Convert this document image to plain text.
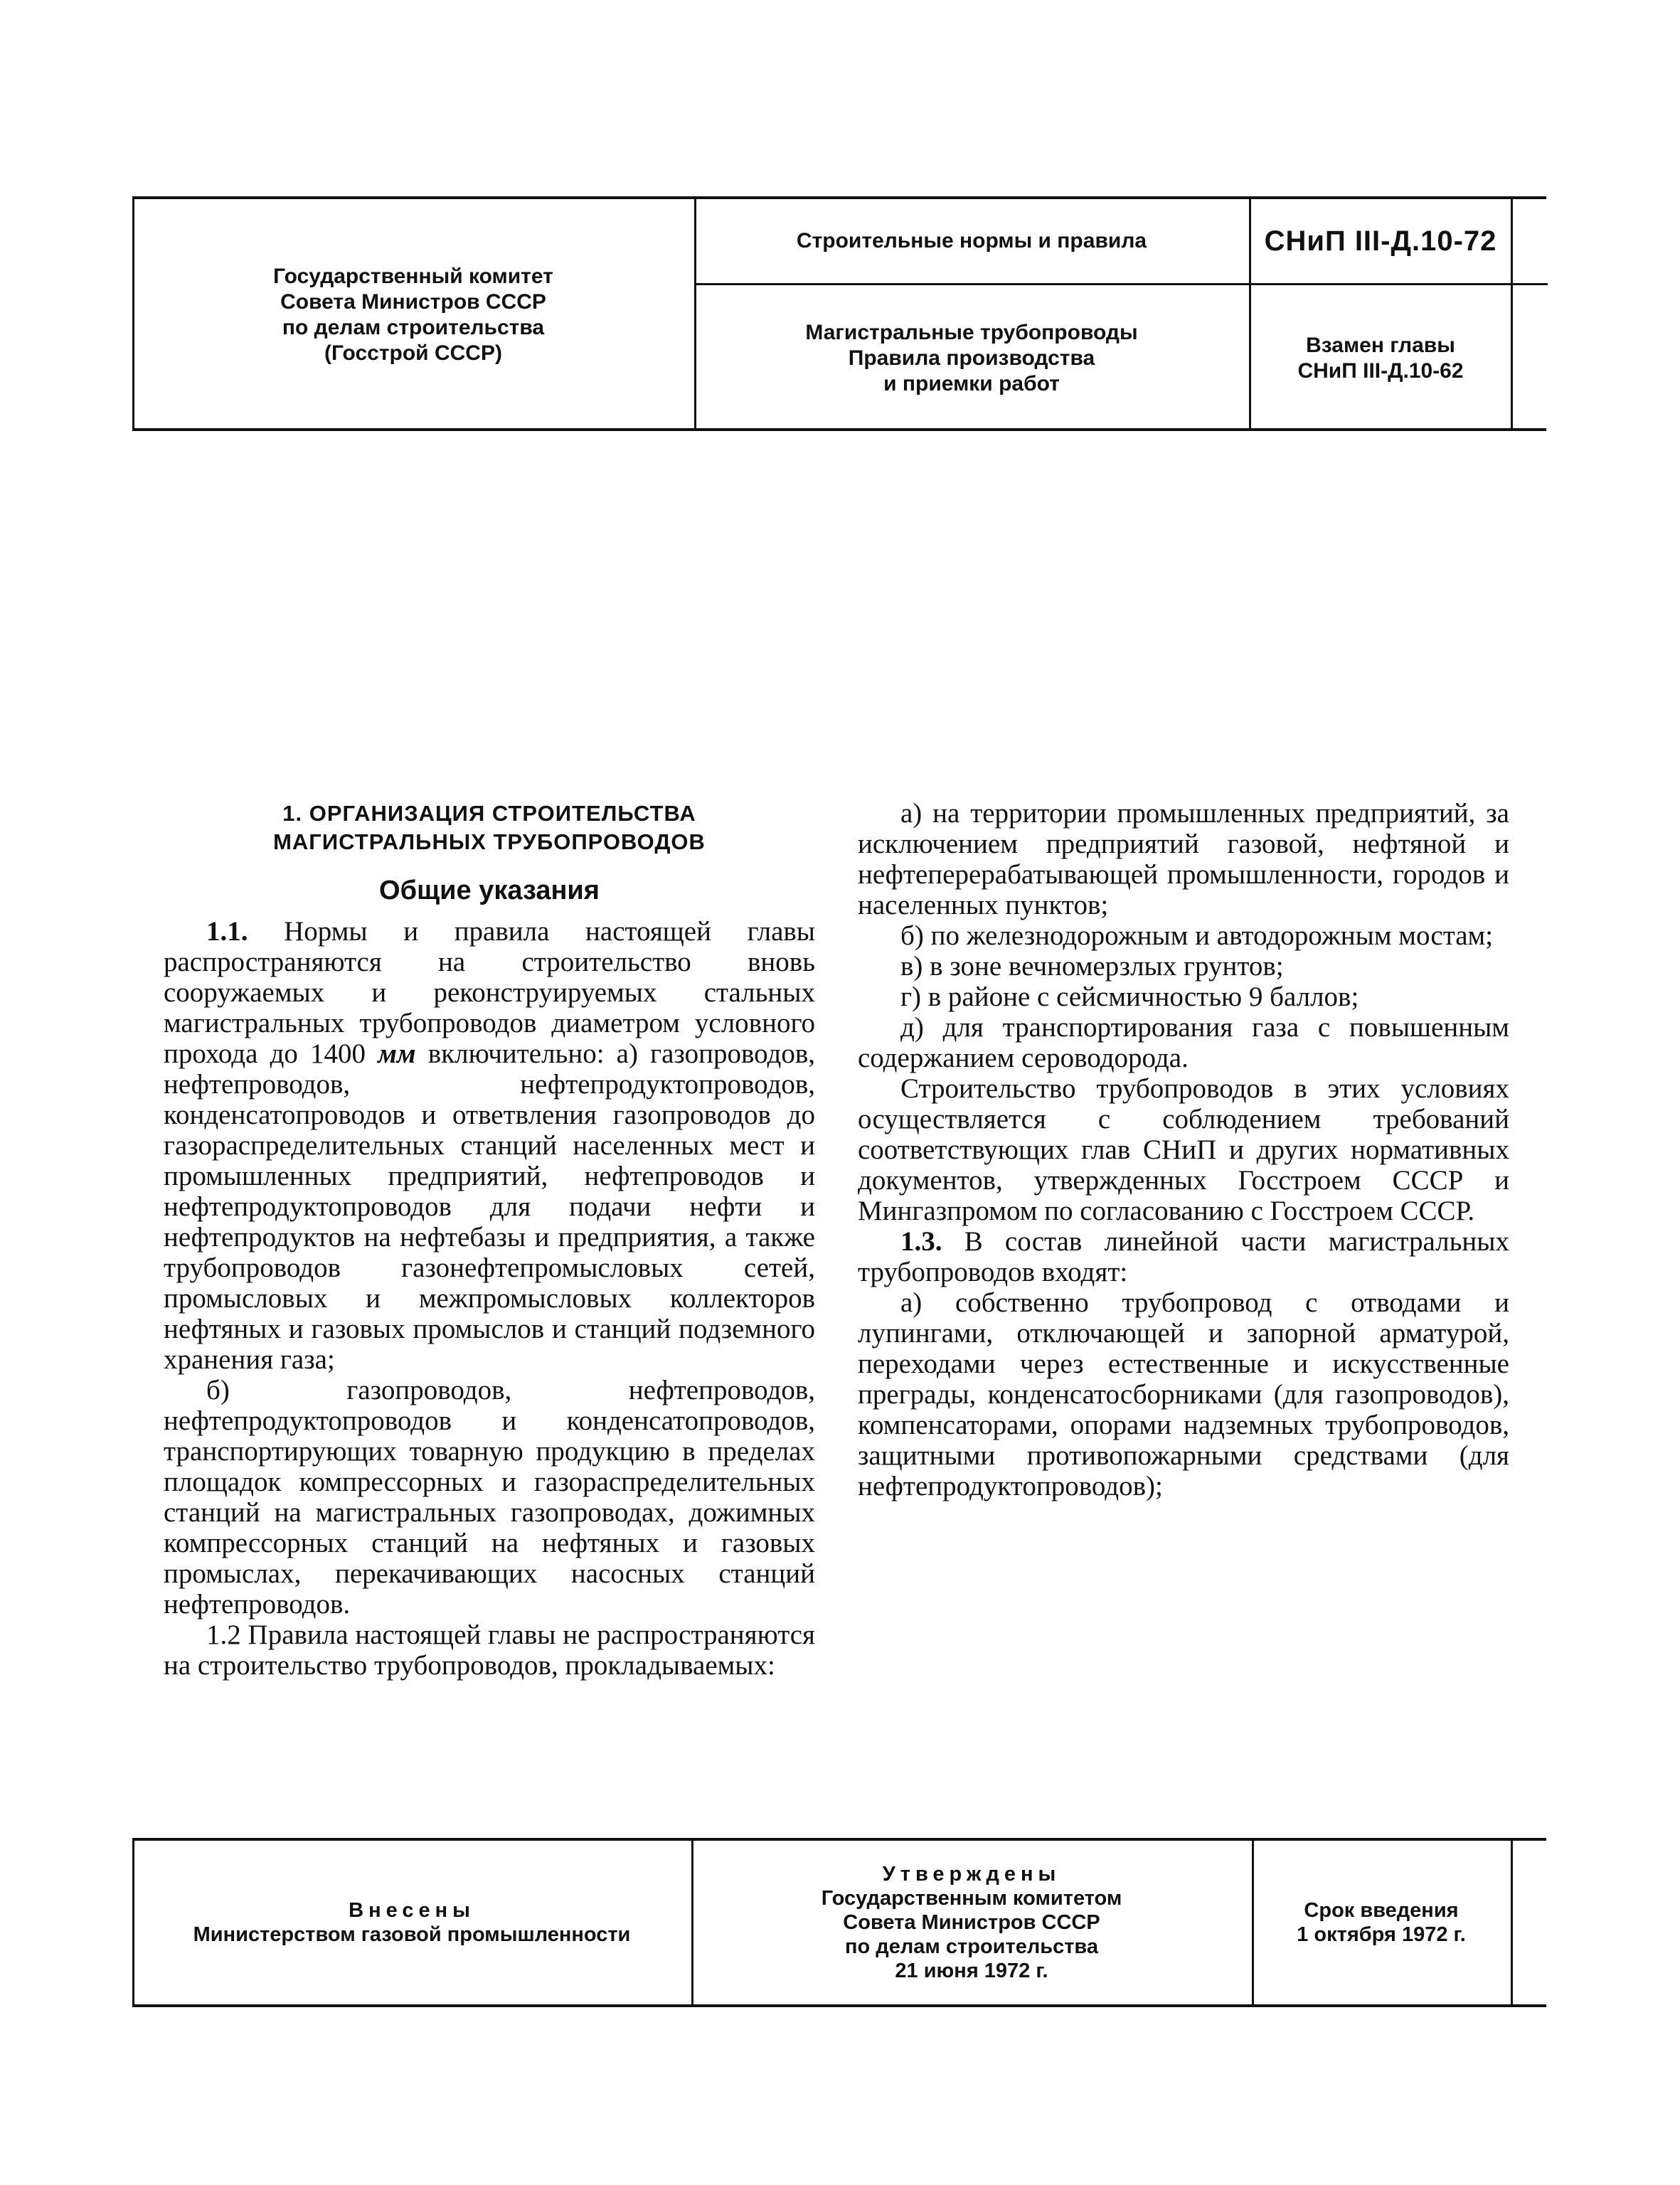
Государственный комитет
Совета Министров СССР
по делам строительства
(Госстрой СССР)
Строительные нормы и правила	СНиП III-Д.10-72
Магистральные трубопроводы
Правила производства
и приемки работ
Взамен главы
СНиП III-Д.10-62
1. ОРГАНИЗАЦИЯ СТРОИТЕЛЬСТВА
МАГИСТРАЛЬНЫХ ТРУБОПРОВОДОВ
Общие указания

1.1. Нормы и правила настоящей главы распространяются на строительство вновь сооружаемых и реконструируемых стальных магистральных трубопроводов диаметром условного прохода до 1400 мм включительно: а) газопроводов, нефтепроводов, нефтепродуктопроводов, конденсатопроводов и ответвления газопроводов до газораспределительных станций населенных мест и промышленных предприятий, нефтепроводов и нефтепродуктопроводов для подачи нефти и нефтепродуктов на нефтебазы и предприятия, а также трубопроводов газонефтепромысловых сетей, промысловых и межпромысловых коллекторов нефтяных и газовых промыслов и станций подземного хранения газа;

б) газопроводов, нефтепроводов, нефтепродуктопроводов и конденсатопроводов, транспортирующих товарную продукцию в пределах площадок компрессорных и газораспределительных станций на магистральных газопроводах, дожимных компрессорных станций на нефтяных и газовых промыслах, перекачивающих насосных станций нефтепроводов.

1.2 Правила настоящей главы не распространяются на строительство трубопроводов, прокладываемых:

а) на территории промышленных предприятий, за исключением предприятий газовой, нефтяной и нефтеперерабатывающей промышленности, городов и населенных пунктов;

б) по железнодорожным и автодорожным мостам;

в) в зоне вечномерзлых грунтов;

г) в районе с сейсмичностью 9 баллов;

д) для транспортирования газа с повышенным содержанием сероводорода.

Строительство трубопроводов в этих условиях осуществляется с соблюдением требований соответствующих глав СНиП и других нормативных документов, утвержденных Госстроем СССР и Мингазпромом по согласованию с Госстроем СССР.

1.3. В состав линейной части магистральных трубопроводов входят:

а) собственно трубопровод с отводами и лупингами, отключающей и запорной арматурой, переходами через естественные и искусственные преграды, конденсатосборниками (для газопроводов), компенсаторами, опорами надземных трубопроводов, защитными противопожарными средствами (для нефтепродуктопроводов);

Внесены
Министерством газовой промышленности
Утверждены
Государственным комитетом
Совета Министров СССР
по делам строительства
21 июня 1972 г.
Срок введения
1 октября 1972 г.
